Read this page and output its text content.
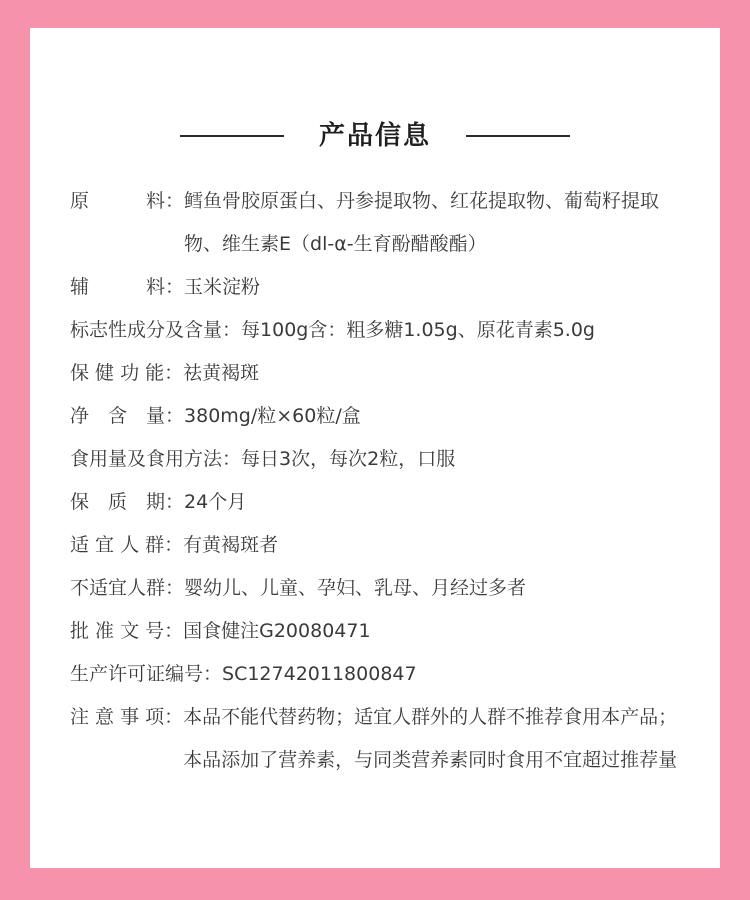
产品信息
原　　　料： 鳕鱼骨胶原蛋白、丹参提取物、红花提取物、葡萄籽提取物、维生素E（dl-α-生育酚醋酸酯）
辅　　　料：玉米淀粉
标志性成分及含量：每100g含：粗多糖1.05g、原花青素5.0g
保 健 功 能：祛黄褐斑
净　含　量：380mg/粒×60粒/盒
食用量及食用方法：每日3次，每次2粒，口服
保　质　期：24个月
适 宜 人 群：有黄褐斑者
不适宜人群：婴幼儿、儿童、孕妇、乳母、月经过多者
批 准 文 号：国食健注G20080471
生产许可证编号：SC12742011800847
注 意 事 项： 本品不能代替药物；适宜人群外的人群不推荐食用本产品；本品添加了营养素，与同类营养素同时食用不宜超过推荐量
